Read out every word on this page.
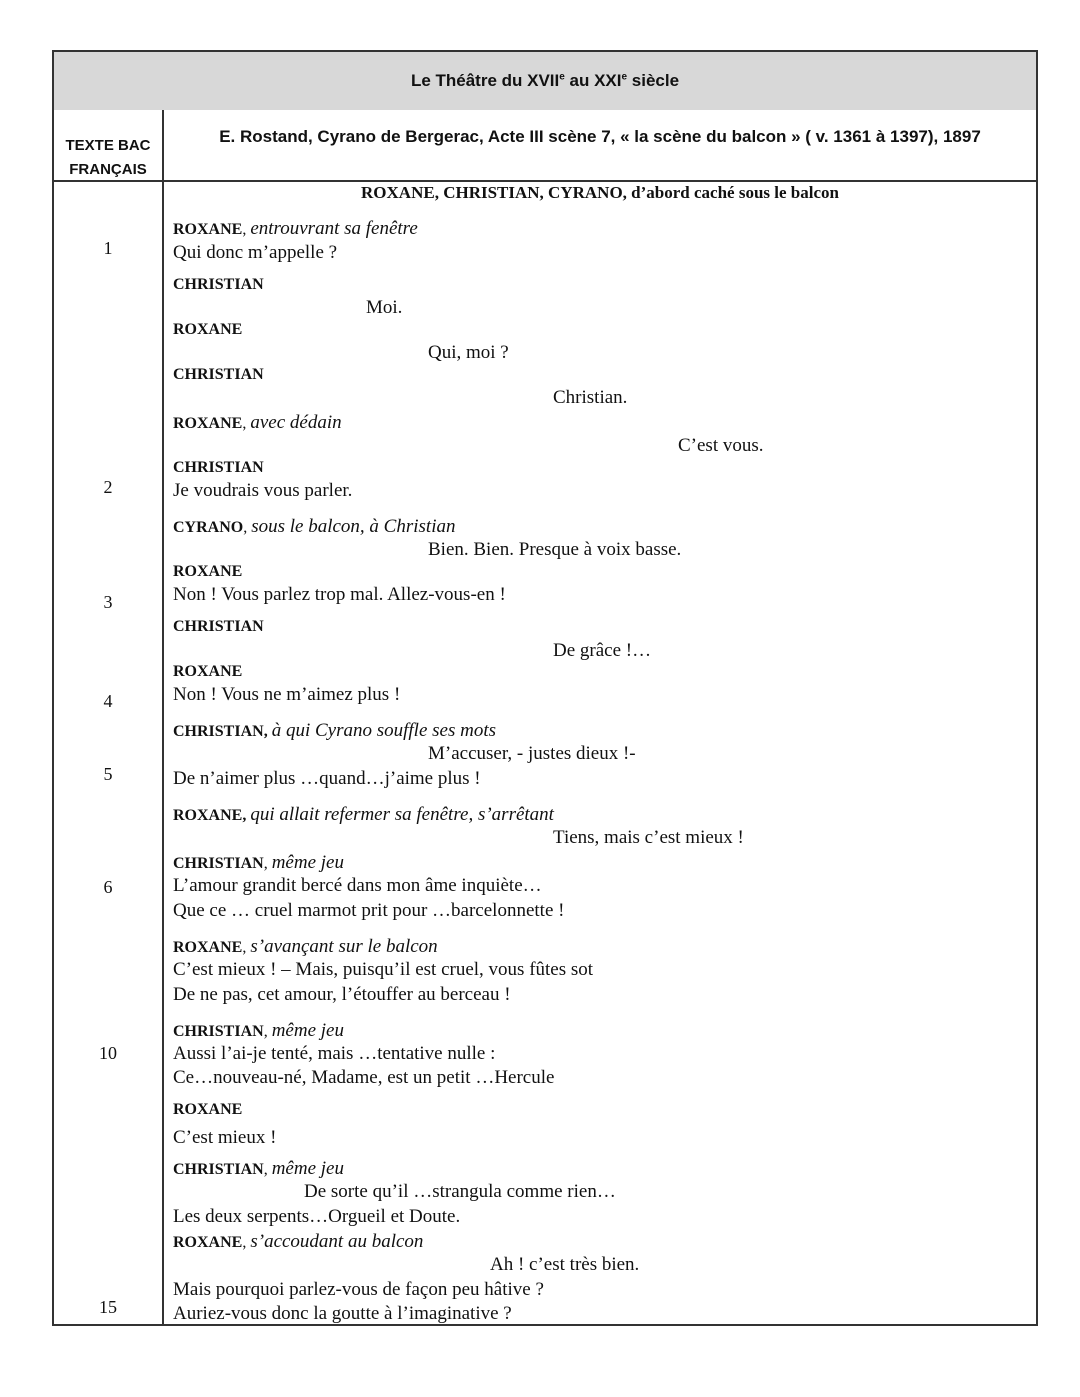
Le Théâtre du XVIIe au XXIe siècle
TEXTE BAC
FRANÇAIS
E. Rostand, Cyrano de Bergerac, Acte III scène 7, « la scène du balcon » ( v. 1361 à 1397), 1897
ROXANE, CHRISTIAN, CYRANO, d’abord caché sous le balcon
1
2
3
4
5
6
10
15
ROXANE, entrouvrant sa fenêtre
CHRISTIAN
ROXANE
CHRISTIAN
ROXANE, avec dédain
CHRISTIAN
CYRANO, sous le balcon, à Christian
ROXANE
CHRISTIAN
ROXANE
CHRISTIAN, à qui Cyrano souffle ses mots
ROXANE, qui allait refermer sa fenêtre, s’arrêtant
CHRISTIAN, même jeu
ROXANE, s’avançant sur le balcon
CHRISTIAN, même jeu
ROXANE
CHRISTIAN, même jeu
ROXANE, s’accoudant au balcon
Qui donc m’appelle ?
Moi.
Qui, moi ?
Christian.
C’est vous.
Je voudrais vous parler.
Bien. Bien. Presque à voix basse.
Non ! Vous parlez trop mal. Allez-vous-en !
De grâce !…
Non ! Vous ne m’aimez plus !
M’accuser, - justes dieux !-
De n’aimer plus …quand…j’aime plus !
Tiens, mais c’est mieux !
L’amour grandit bercé dans mon âme inquiète…
Que ce … cruel marmot prit pour …barcelonnette !
C’est mieux ! – Mais, puisqu’il est cruel, vous fûtes sot
De ne pas, cet amour, l’étouffer au berceau !
Aussi l’ai-je tenté, mais …tentative nulle :
Ce…nouveau-né, Madame, est un petit …Hercule
C’est mieux !
De sorte qu’il …strangula comme rien…
Les deux serpents…Orgueil et Doute.
Ah ! c’est très bien.
Mais pourquoi parlez-vous de façon peu hâtive ?
Auriez-vous donc la goutte à l’imaginative ?
